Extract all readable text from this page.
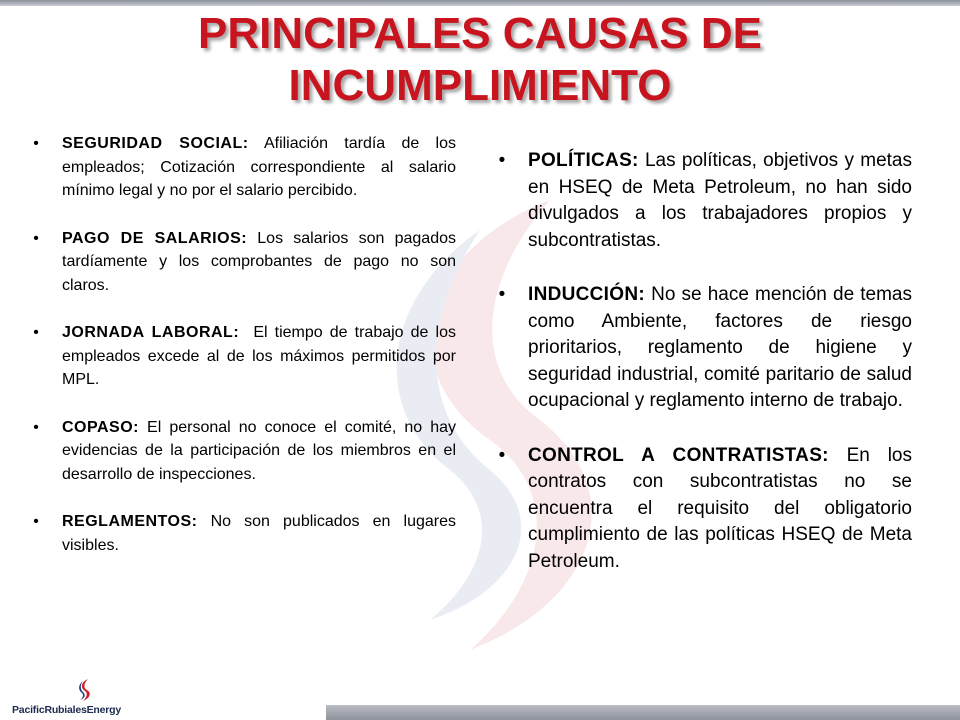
PRINCIPALES CAUSAS DE INCUMPLIMIENTO
•	SEGURIDAD SOCIAL: Afiliación tardía de los empleados; Cotización correspondiente al salario mínimo legal y no por el salario percibido.
•	PAGO DE SALARIOS: Los salarios son pagados tardíamente y los comprobantes de pago no son claros.
•	JORNADA LABORAL:  El tiempo de trabajo de los empleados excede al de los máximos permitidos por MPL.
•	COPASO: El personal no conoce el comité, no hay evidencias de la participación de los miembros en el desarrollo de inspecciones.
•	REGLAMENTOS: No son publicados en lugares visibles.
•	POLÍTICAS: Las políticas, objetivos y metas en HSEQ de Meta Petroleum, no han sido divulgados a los trabajadores propios y subcontratistas.
•	INDUCCIÓN: No se hace mención de temas como Ambiente, factores de riesgo prioritarios, reglamento de higiene y seguridad industrial, comité paritario de salud ocupacional y reglamento interno de trabajo.
•	CONTROL A CONTRATISTAS: En los contratos con subcontratistas no se encuentra el requisito del obligatorio cumplimiento de las políticas HSEQ de Meta Petroleum.
PacificRubialesEnergy
